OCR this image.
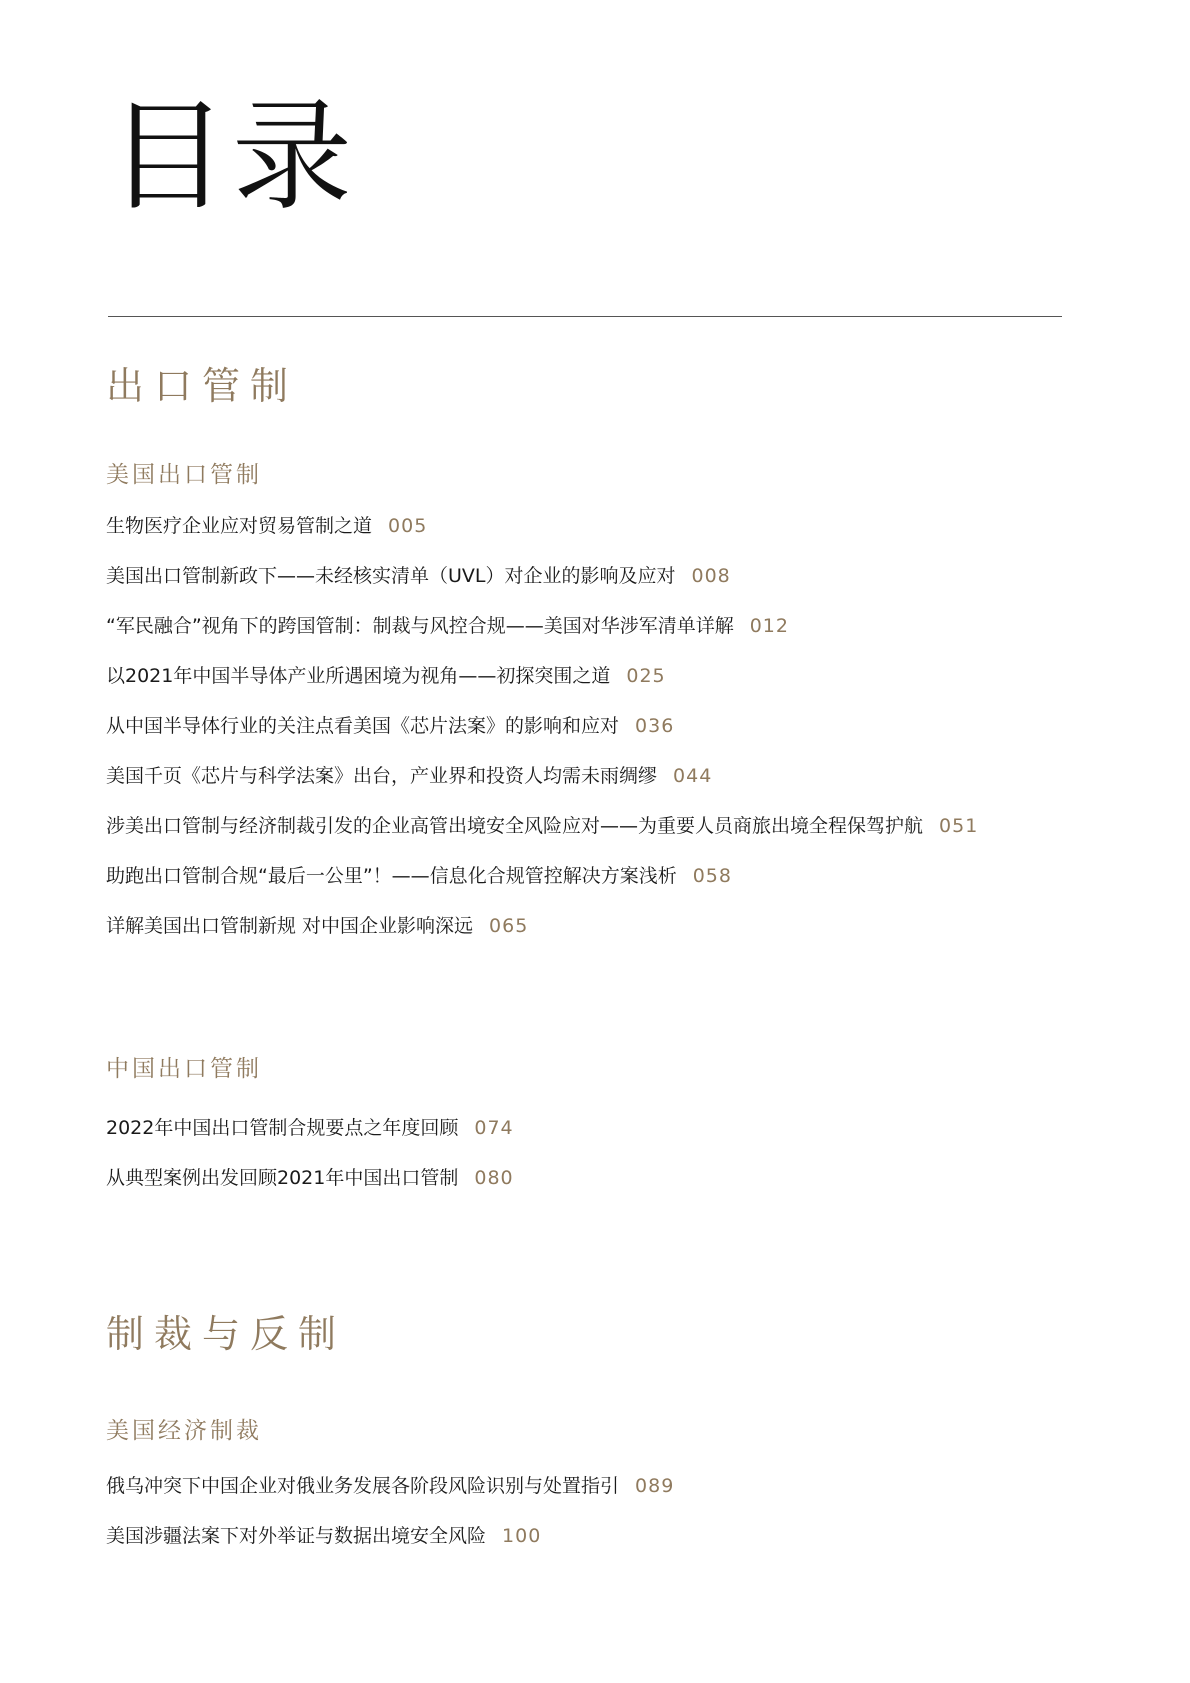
目录
出口管制
美国出口管制
生物医疗企业应对贸易管制之道 005
美国出口管制新政下——未经核实清单（UVL）对企业的影响及应对 008
“军民融合”视角下的跨国管制：制裁与风控合规——美国对华涉军清单详解 012
以2021年中国半导体产业所遇困境为视角——初探突围之道 025
从中国半导体行业的关注点看美国《芯片法案》的影响和应对 036
美国千页《芯片与科学法案》出台，产业界和投资人均需未雨绸缪 044
涉美出口管制与经济制裁引发的企业高管出境安全风险应对——为重要人员商旅出境全程保驾护航 051
助跑出口管制合规“最后一公里”！——信息化合规管控解决方案浅析 058
详解美国出口管制新规 对中国企业影响深远 065
中国出口管制
2022年中国出口管制合规要点之年度回顾 074
从典型案例出发回顾2021年中国出口管制 080
制裁与反制
美国经济制裁
俄乌冲突下中国企业对俄业务发展各阶段风险识别与处置指引 089
美国涉疆法案下对外举证与数据出境安全风险 100
